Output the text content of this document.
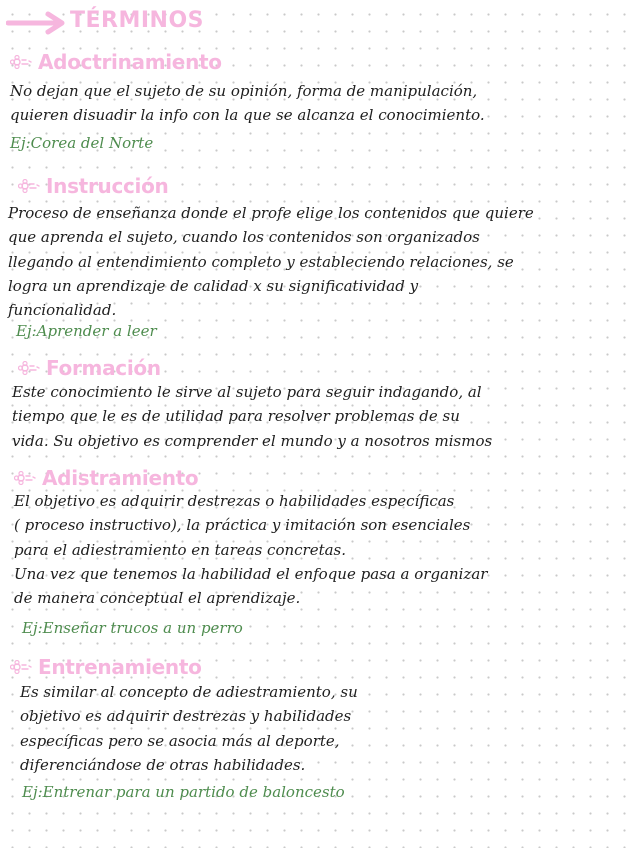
TÉRMINOS
Adoctrinamiento
No dejan que el sujeto de su opinión, forma de manipulación,
quieren disuadir la info con la que se alcanza el conocimiento.
Ej:Corea del Norte
Instrucción
Proceso de enseñanza donde el profe elige los contenidos que quiere
que aprenda el sujeto, cuando los contenidos son organizados
llegando al entendimiento completo y estableciendo relaciones, se
logra un aprendizaje de calidad x su significatividad y
funcionalidad.
Ej:Aprender a leer
Formación
Este conocimiento le sirve al sujeto para seguir indagando, al
tiempo que le es de utilidad para resolver problemas de su
vida. Su objetivo es comprender el mundo y a nosotros mismos
Adistramiento
El objetivo es adquirir destrezas o habilidades específicas
( proceso instructivo), la práctica y imitación son esenciales
para el adiestramiento en tareas concretas.
Una vez que tenemos la habilidad el enfoque pasa a organizar
de manera conceptual el aprendizaje.
Ej:Enseñar trucos a un perro
Entrenamiento
Es similar al concepto de adiestramiento, su
objetivo es adquirir destrezas y habilidades
específicas pero se asocia más al deporte,
diferenciándose de otras habilidades.
Ej:Entrenar para un partido de baloncesto
